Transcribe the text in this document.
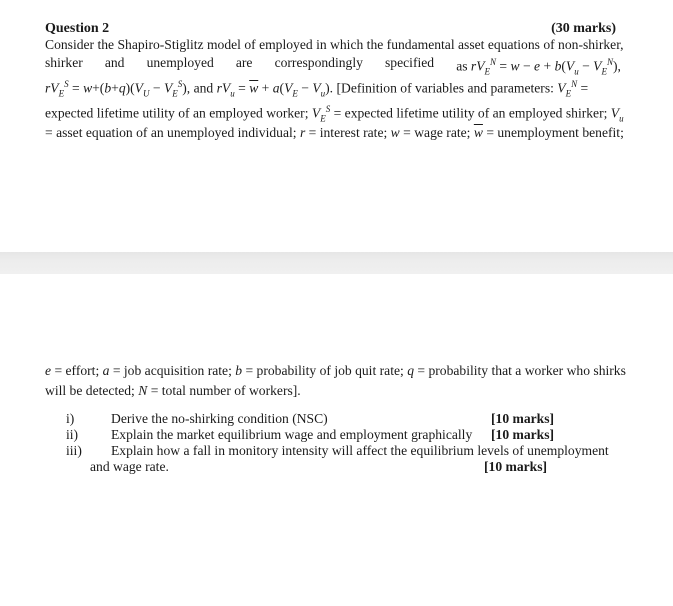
Question 2	(30 marks)
Consider the Shapiro-Stiglitz model of employed in which the fundamental asset equations of non-shirker,
shirker and unemployed are correspondingly specified as $rV_E^N = w - e + b(V_u - V_E^N)$,
$rV_E^S = w+(b+q)(V_U - V_E^S)$, and $rV_u = \overline{w} + a(V_E - V_u)$. [Definition of variables and parameters: $V_E^N$ =
expected lifetime utility of an employed worker; $V_E^S$ = expected lifetime utility of an employed shirker; $V_u$
= asset equation of an unemployed individual; r = interest rate; w = wage rate; $\overline{w}$ = unemployment benefit;
e = effort; a = job acquisition rate; b = probability of job quit rate; q = probability that a worker who shirks
will be detected; N = total number of workers].
i)	Derive the no-shirking condition (NSC)	[10 marks]
ii) Explain the market equilibrium wage and employment graphically [10 marks]
iii) Explain how a fall in monitory intensity will affect the equilibrium levels of unemployment
and wage rate.	[10 marks]
